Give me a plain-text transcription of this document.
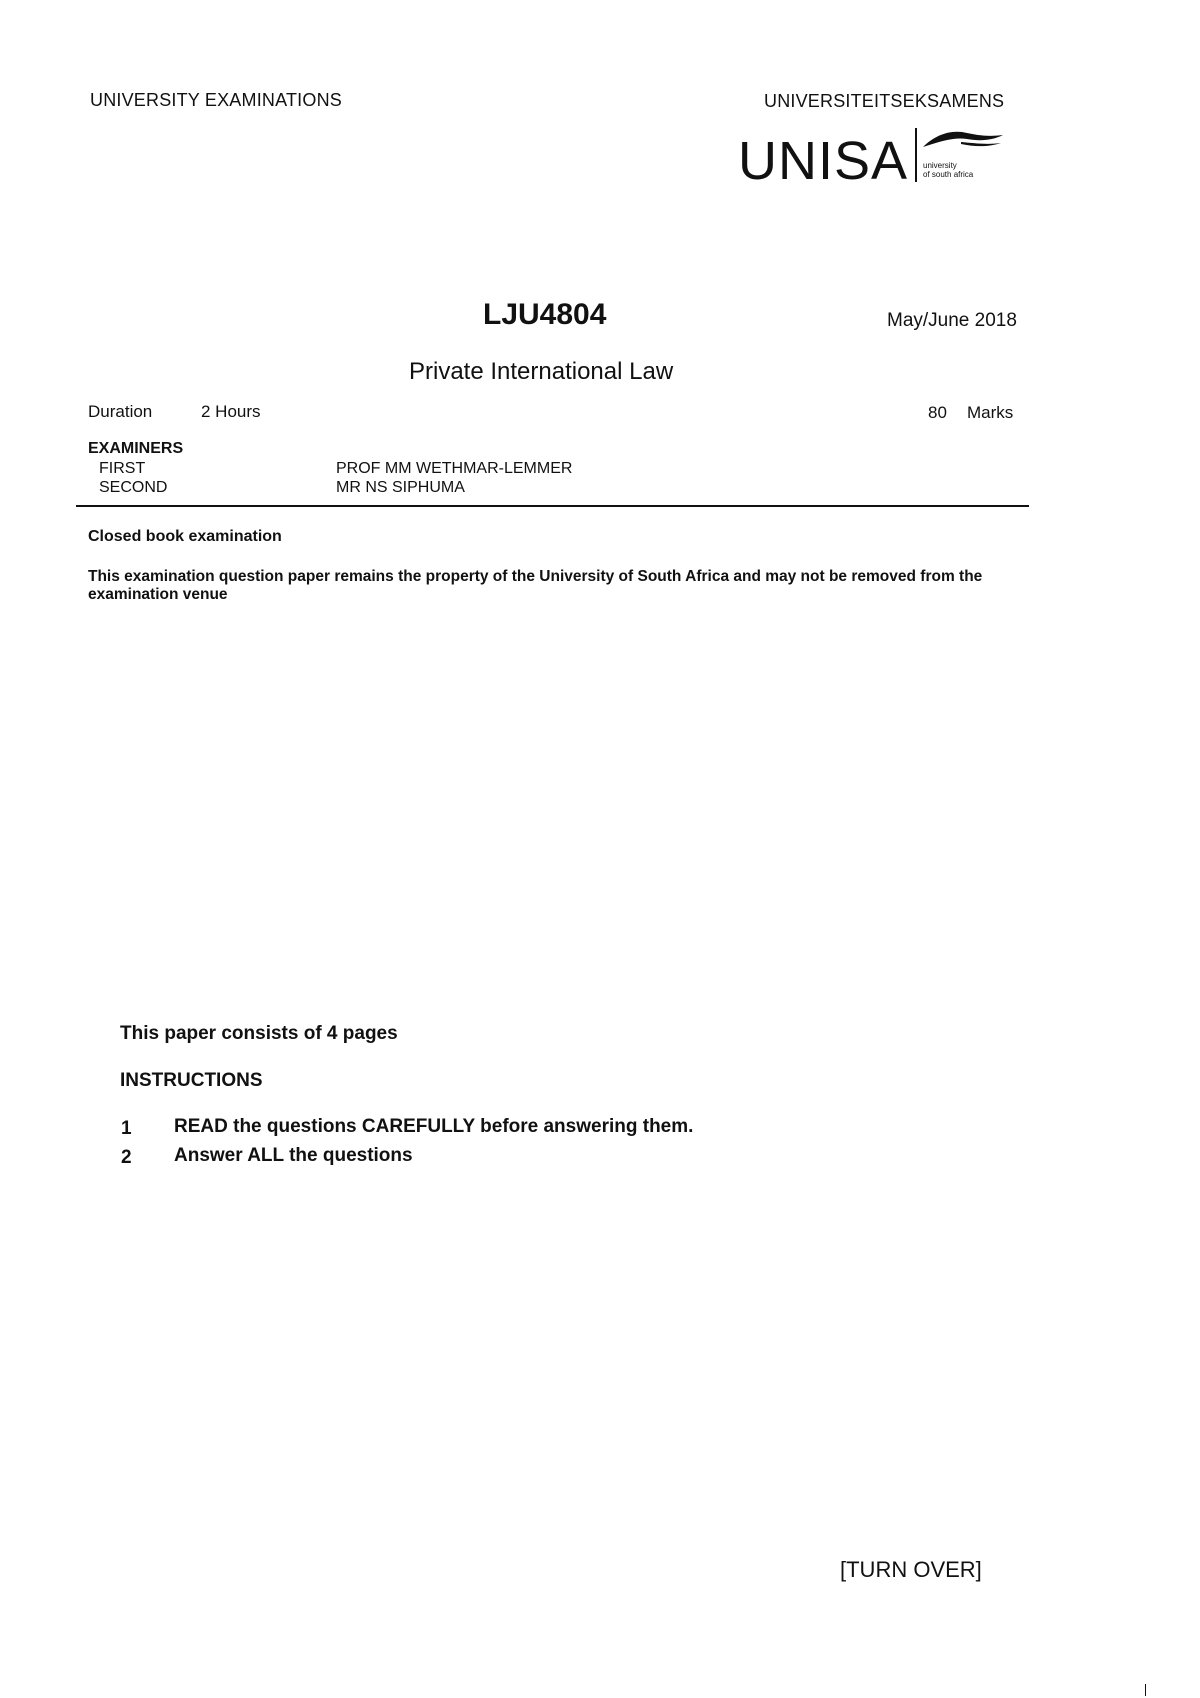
UNIVERSITY EXAMINATIONS	UNIVERSITEITSEKSAMENS
UNISA university
of south africa
LJU4804	May/June 2018
Private International Law
Duration	2 Hours	80 Marks
EXAMINERS
FIRST	PROF MM WETHMAR-LEMMER
SECOND	MR NS SIPHUMA
Closed book examination
This examination question paper remains the property of the University of South Africa and may not be removed from the examination venue
This paper consists of 4 pages
INSTRUCTIONS
1 READ the questions CAREFULLY before answering them.
2 Answer ALL the questions
[TURN OVER]
